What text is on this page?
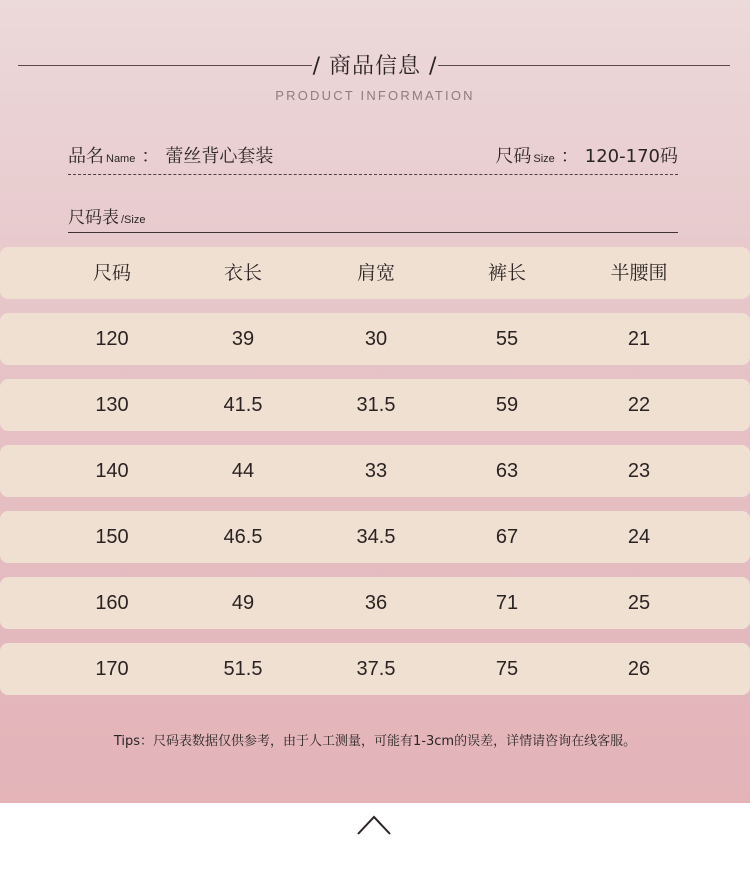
/ 商品信息 /
PRODUCT INFORMATION
品名 Name ： 蕾丝背心套装	尺码 Size ： 120-170码
尺码表 /Size
尺码	衣长	肩宽	裤长	半腰围
120	39	30	55	21
130	41.5	31.5	59	22
140	44	33	63	23
150	46.5	34.5	67	24
160	49	36	71	25
170	51.5	37.5	75	26
Tips：尺码表数据仅供参考，由于人工测量，可能有1-3cm的误差，详情请咨询在线客服。
